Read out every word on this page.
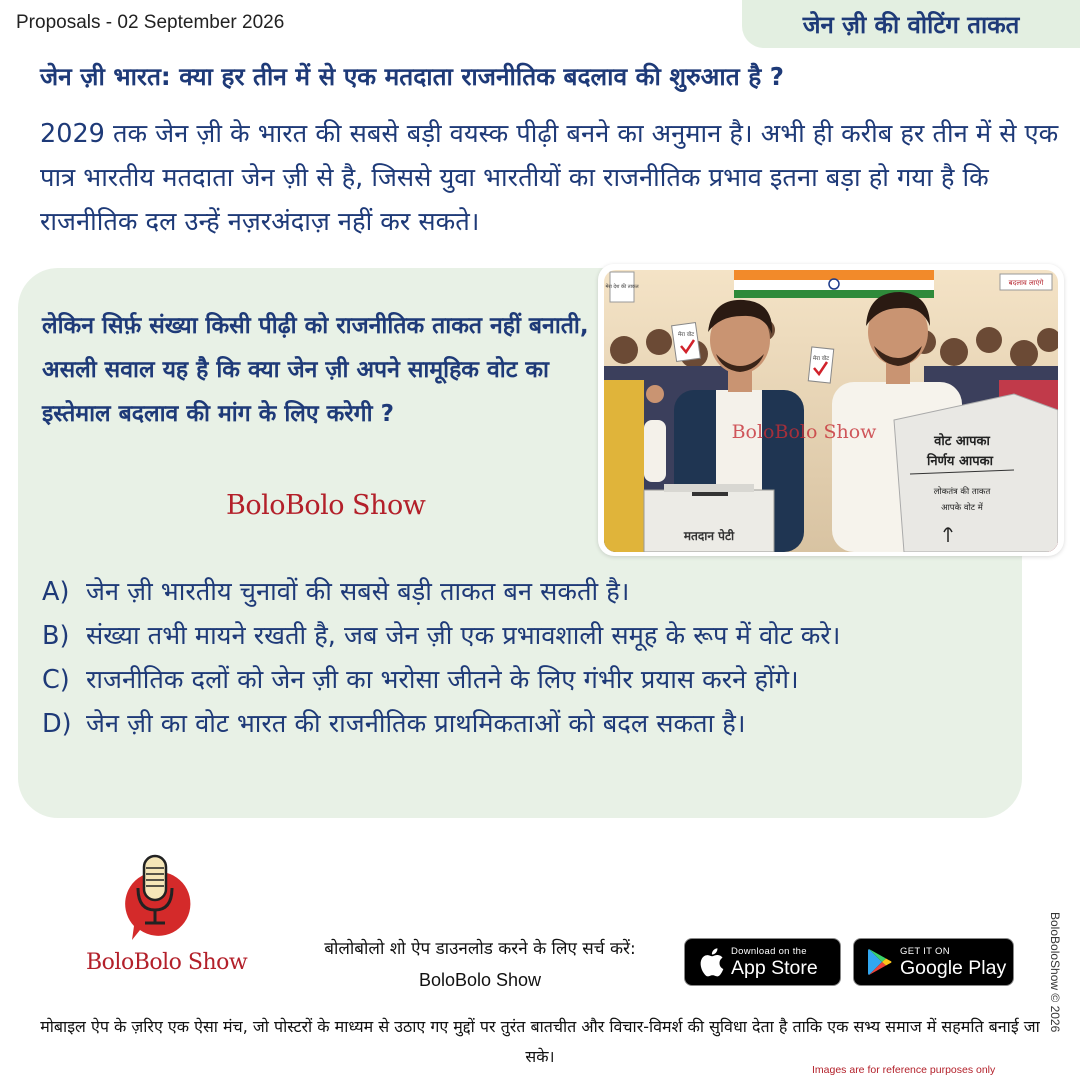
Proposals - 02 September 2026	जेन ज़ी की वोटिंग ताकत
जेन ज़ी भारत: क्या हर तीन में से एक मतदाता राजनीतिक बदलाव की शुरुआत है ?
2029 तक जेन ज़ी के भारत की सबसे बड़ी वयस्क पीढ़ी बनने का अनुमान है। अभी ही करीब हर तीन में से एक पात्र भारतीय मतदाता जेन ज़ी से है, जिससे युवा भारतीयों का राजनीतिक प्रभाव इतना बड़ा हो गया है कि राजनीतिक दल उन्हें नज़रअंदाज़ नहीं कर सकते।
लेकिन सिर्फ़ संख्या किसी पीढ़ी को राजनीतिक ताकत नहीं बनाती, असली सवाल यह है कि क्या जेन ज़ी अपने सामूहिक वोट का इस्तेमाल बदलाव की मांग के लिए करेगी ?
BoloBolo Show
बदलाव लाएंगे
मेरा देश की ताकत
मेरा वोट
मेरा वोट
मतदान पेटी
वोट आपका
निर्णय आपका
लोकतंत्र की ताकत
आपके वोट में
BoloBolo Show
A) जेन ज़ी भारतीय चुनावों की सबसे बड़ी ताकत बन सकती है।
B) संख्या तभी मायने रखती है, जब जेन ज़ी एक प्रभावशाली समूह के रूप में वोट करे।
C) राजनीतिक दलों को जेन ज़ी का भरोसा जीतने के लिए गंभीर प्रयास करने होंगे।
D) जेन ज़ी का वोट भारत की राजनीतिक प्राथमिकताओं को बदल सकता है।
BoloBolo Show
बोलोबोलो शो ऐप डाउनलोड करने के लिए सर्च करें:
BoloBolo Show
Download on the
App Store
GET IT ON
Google Play	BoloBoloShow © 2026
मोबाइल ऐप के ज़रिए एक ऐसा मंच, जो पोस्टरों के माध्यम से उठाए गए मुद्दों पर तुरंत बातचीत और विचार-विमर्श की सुविधा देता है ताकि एक सभ्य समाज में सहमति बनाई जा सके।
Images are for reference purposes only
